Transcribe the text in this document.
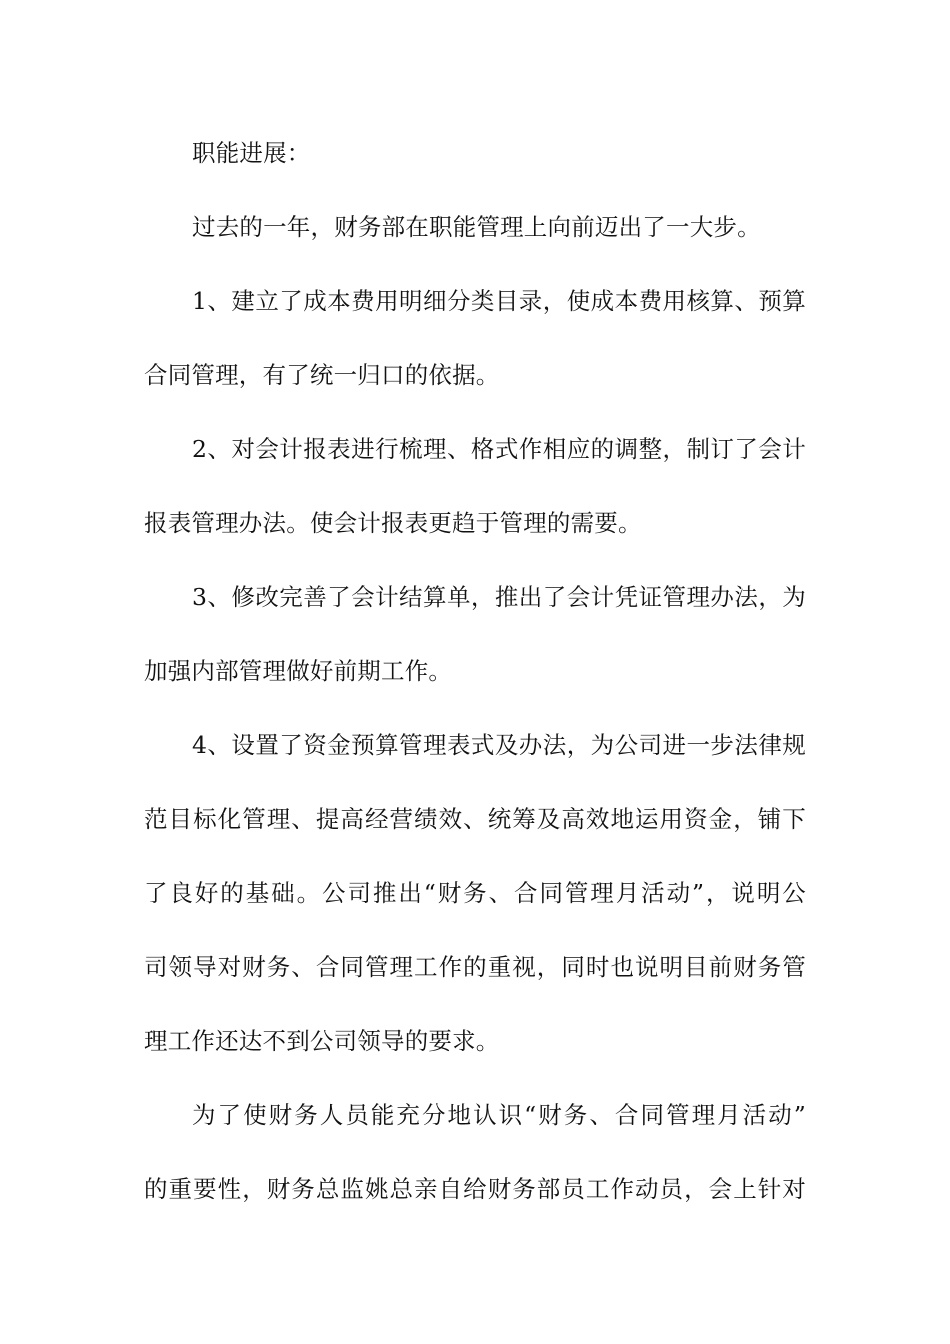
职能进展：
过去的一年，财务部在职能管理上向前迈出了一大步。
1、建立了成本费用明细分类目录，使成本费用核算、预算
合同管理，有了统一归口的依据。
2、对会计报表进行梳理、格式作相应的调整，制订了会计
报表管理办法。使会计报表更趋于管理的需要。
3、修改完善了会计结算单，推出了会计凭证管理办法，为
加强内部管理做好前期工作。
4、设置了资金预算管理表式及办法，为公司进一步法律规
范目标化管理、提高经营绩效、统筹及高效地运用资金，铺下
了良好的基础。公司推出“财务、合同管理月活动”，说明公
司领导对财务、合同管理工作的重视，同时也说明目前财务管
理工作还达不到公司领导的要求。
为了使财务人员能充分地认识“财务、合同管理月活动”
的重要性，财务总监姚总亲自给财务部员工作动员，会上针对
